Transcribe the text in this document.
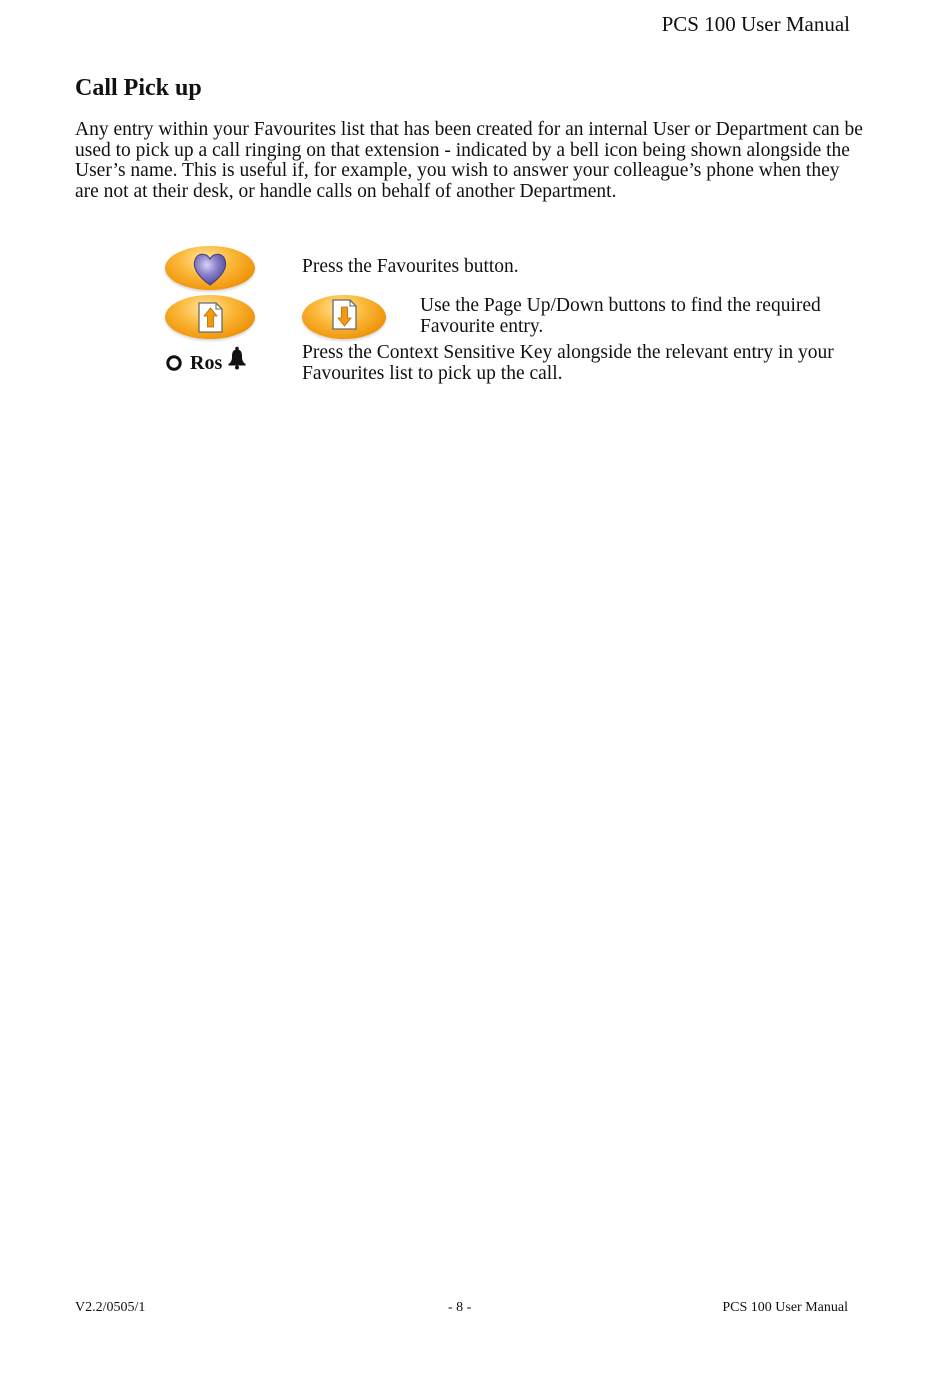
PCS 100 User Manual
Call Pick up

Any entry within your Favourites list that has been created for an internal User or Department can be used to pick up a call ringing on that extension - indicated by a bell icon being shown alongside the User’s name. This is useful if, for example, you wish to answer your colleague’s phone when they are not at their desk, or handle calls on behalf of another Department.

Press the Favourites button.

Use the Page Up/Down buttons to find the required Favourite entry.

Ros	Press the Context Sensitive Key alongside the relevant entry in your Favourites list to pick up the call.

V2.2/0505/1	- 8 -	PCS 100 User Manual
